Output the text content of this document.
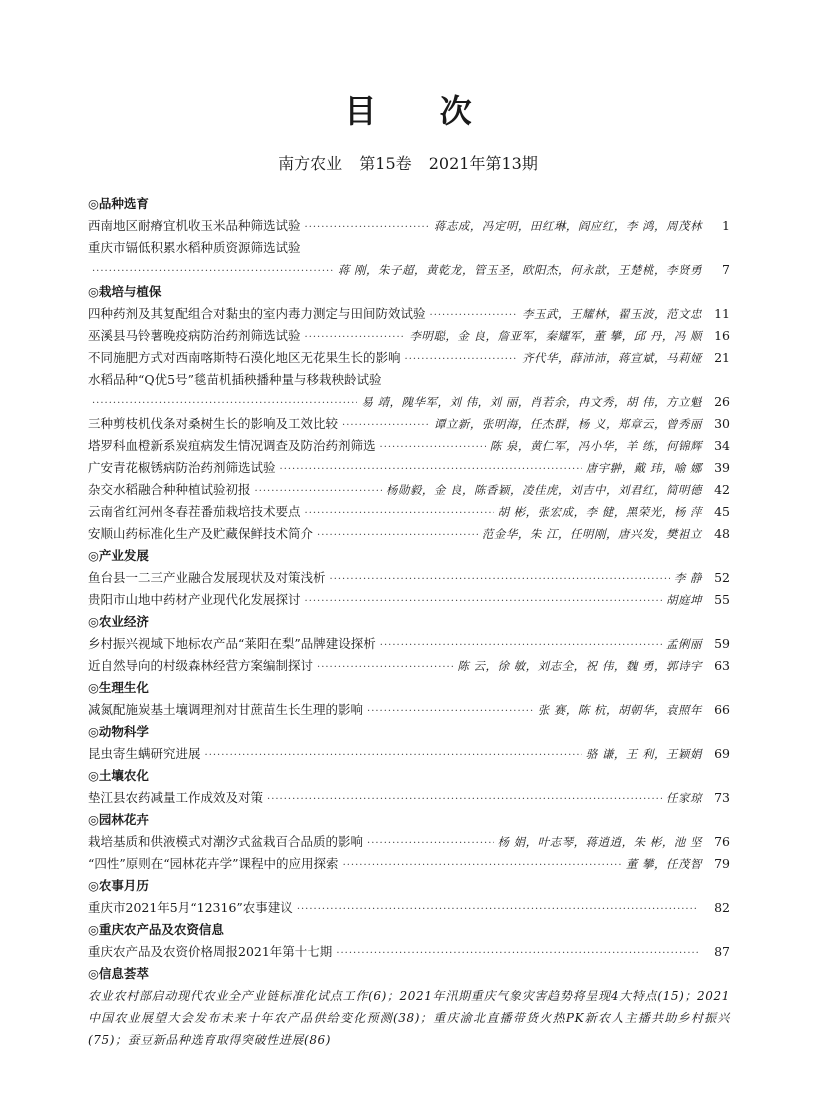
目 次
南方农业 第15卷 2021年第13期
◎品种选育
西南地区耐瘠宜机收玉米品种筛选试验 ·····	蒋志成，冯定明，田红琳，阎应红，李 鸿，周茂林	1
重庆市镉低积累水稻种质资源筛选试验
·····
蒋 刚，朱子超，黄乾龙，管玉圣，欧阳杰，何永歆，王楚桃，李贤勇	7
◎栽培与植保
四种药剂及其复配组合对黏虫的室内毒力测定与田间防效试验 ·····	李玉武，王耀林，翟玉波，范文忠 11
巫溪县马铃薯晚疫病防治药剂筛选试验 ·····	李明聪，金 良，詹亚军，秦耀军，董 攀，邱 丹，冯 顺 16
不同施肥方式对西南喀斯特石漠化地区无花果生长的影响 ·····	齐代华，薛沛沛，蒋宣斌，马莉娅 21
水稻品种“Q优5号”毯苗机插秧播种量与移栽秧龄试验
·····
易 靖，隗华军，刘 伟，刘 丽，肖若余，冉文秀，胡 伟，方立魁 26
三种剪枝机伐条对桑树生长的影响及工效比较 ·····	谭立新，张明海，任杰群，杨 义，郑章云，曾秀丽 30
塔罗科血橙新系炭疽病发生情况调查及防治药剂筛选 ·····	陈 泉，黄仁军，冯小华，羊 练，何锦辉 34
广安青花椒锈病防治药剂筛选试验 ·····	唐宇翀，戴 玮，喻 娜 39
杂交水稻融合种种植试验初报 ·····	杨勋毅，金 良，陈香颖，凌佳虎，刘吉中，刘君红，简明德 42
云南省红河州冬春茬番茄栽培技术要点 ·····	胡 彬，张宏成，李 健，黑荣光，杨 萍 45
安顺山药标准化生产及贮藏保鲜技术简介 ·····	范金华，朱 江，任明刚，唐兴发，樊祖立 48
◎产业发展
鱼台县一二三产业融合发展现状及对策浅析 ·····	李 静 52
贵阳市山地中药材产业现代化发展探讨 ·····	胡庭坤 55
◎农业经济
乡村振兴视域下地标农产品“莱阳在梨”品牌建设探析 ·····	孟俐丽 59
近自然导向的村级森林经营方案编制探讨 ·····	陈 云，徐 敏，刘志全，祝 伟，魏 勇，郭诗宇 63
◎生理生化
减氮配施炭基土壤调理剂对甘蔗苗生长生理的影响 ·····	张 赛，陈 杭，胡朝华，袁照年 66
◎动物科学
昆虫寄生螨研究进展 ·····	骆 谦，王 利，王颖娟 69
◎土壤农化
垫江县农药减量工作成效及对策 ·····	任家琼 73
◎园林花卉
栽培基质和供液模式对潮汐式盆栽百合品质的影响 ·····	杨 娟，叶志琴，蒋逍逍，朱 彬，池 坚 76
“四性”原则在“园林花卉学”课程中的应用探索 ·····	董 攀，任茂智 79
◎农事月历
重庆市2021年5月“12316”农事建议 ·····	82
◎重庆农产品及农资信息
重庆农产品及农资价格周报2021年第十七期 ·····	87
◎信息荟萃
农业农村部启动现代农业全产业链标准化试点工作(6)；2021年汛期重庆气象灾害趋势将呈现4大特点(15)；2021中国农业展望大会发布未来十年农产品供给变化预测(38)；重庆渝北直播带货火热PK新农人主播共助乡村振兴(75)；蚕豆新品种选育取得突破性进展(86)
